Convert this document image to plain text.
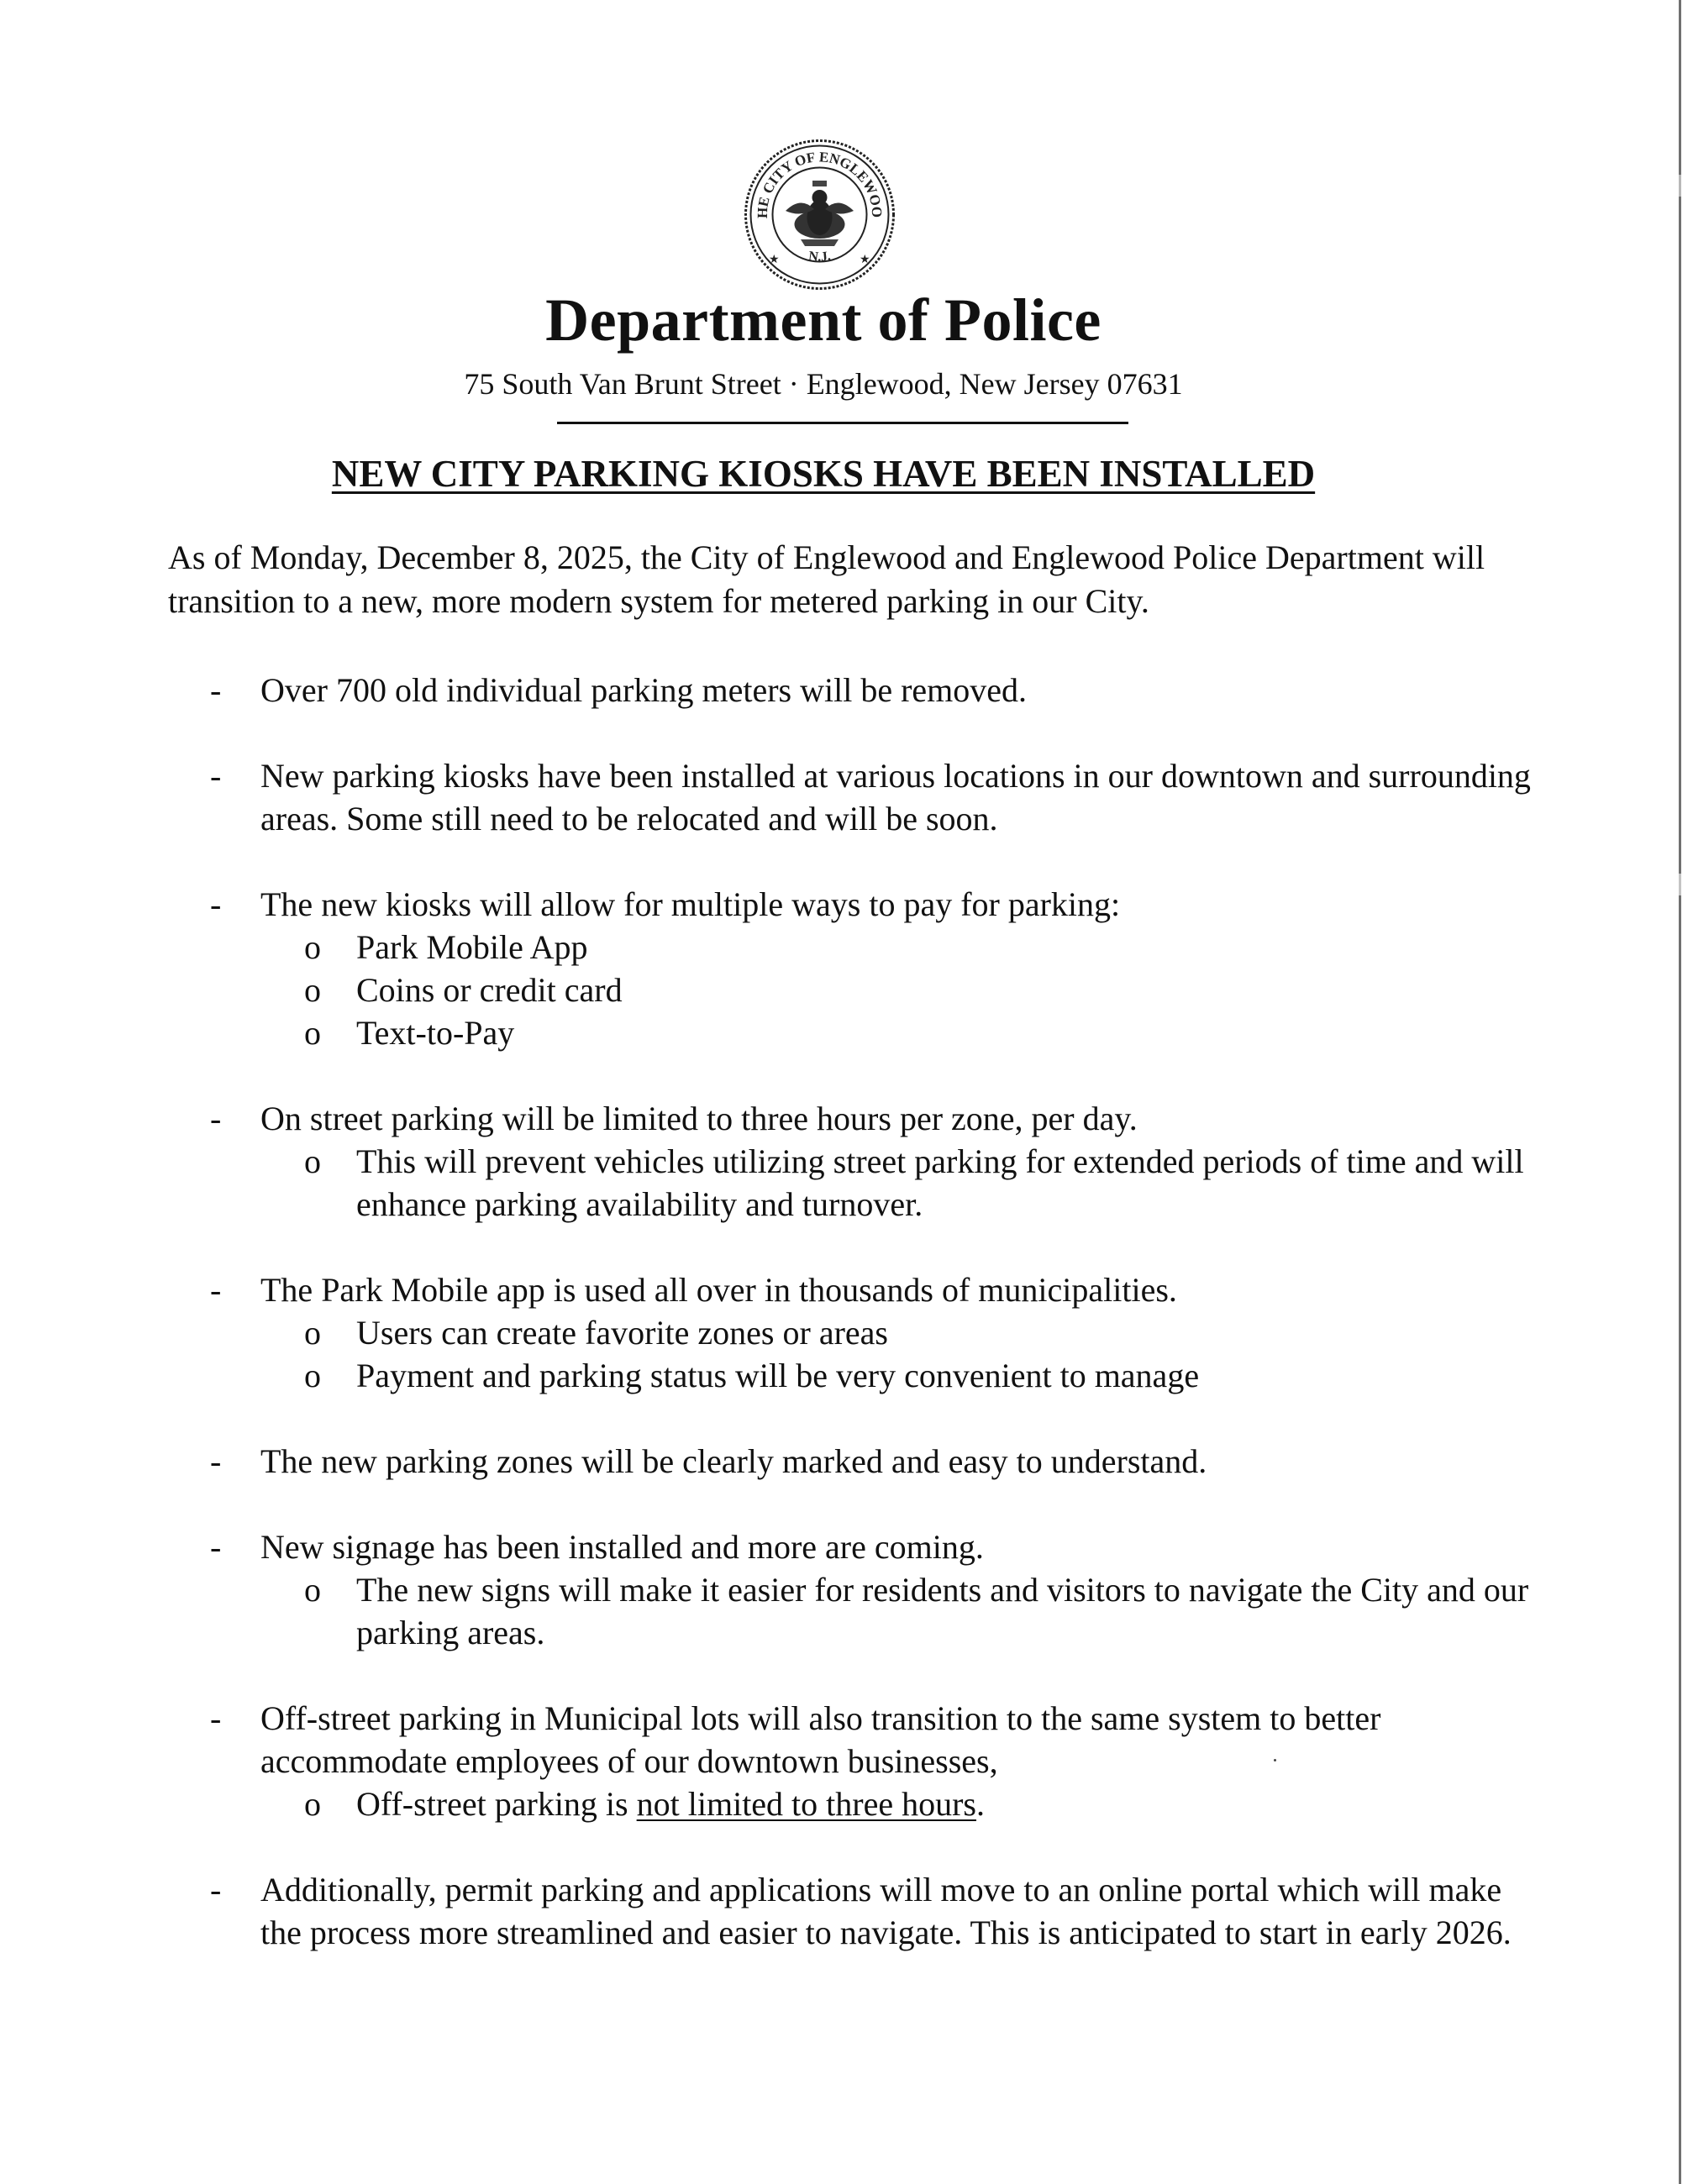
HE CITY OF ENGLEWOO
N.J.
★	★
Department of Police
75 South Van Brunt Street · Englewood, New Jersey 07631
NEW CITY PARKING KIOSKS HAVE BEEN INSTALLED
As of Monday, December 8, 2025, the City of Englewood and Englewood Police Department will transition to a new, more modern system for metered parking in our City.
- Over 700 old individual parking meters will be removed.
- New parking kiosks have been installed at various locations in our downtown and surrounding areas. Some still need to be relocated and will be soon.
- The new kiosks will allow for multiple ways to pay for parking:
o Park Mobile App
o Coins or credit card
o Text-to-Pay
- On street parking will be limited to three hours per zone, per day.
o This will prevent vehicles utilizing street parking for extended periods of time and will enhance parking availability and turnover.
- The Park Mobile app is used all over in thousands of municipalities.
o Users can create favorite zones or areas
o Payment and parking status will be very convenient to manage
- The new parking zones will be clearly marked and easy to understand.
- New signage has been installed and more are coming.
o The new signs will make it easier for residents and visitors to navigate the City and our parking areas.
- Off-street parking in Municipal lots will also transition to the same system to better accommodate employees of our downtown businesses,
o Off-street parking is not limited to three hours.
- Additionally, permit parking and applications will move to an online portal which will make the process more streamlined and easier to navigate. This is anticipated to start in early 2026.
